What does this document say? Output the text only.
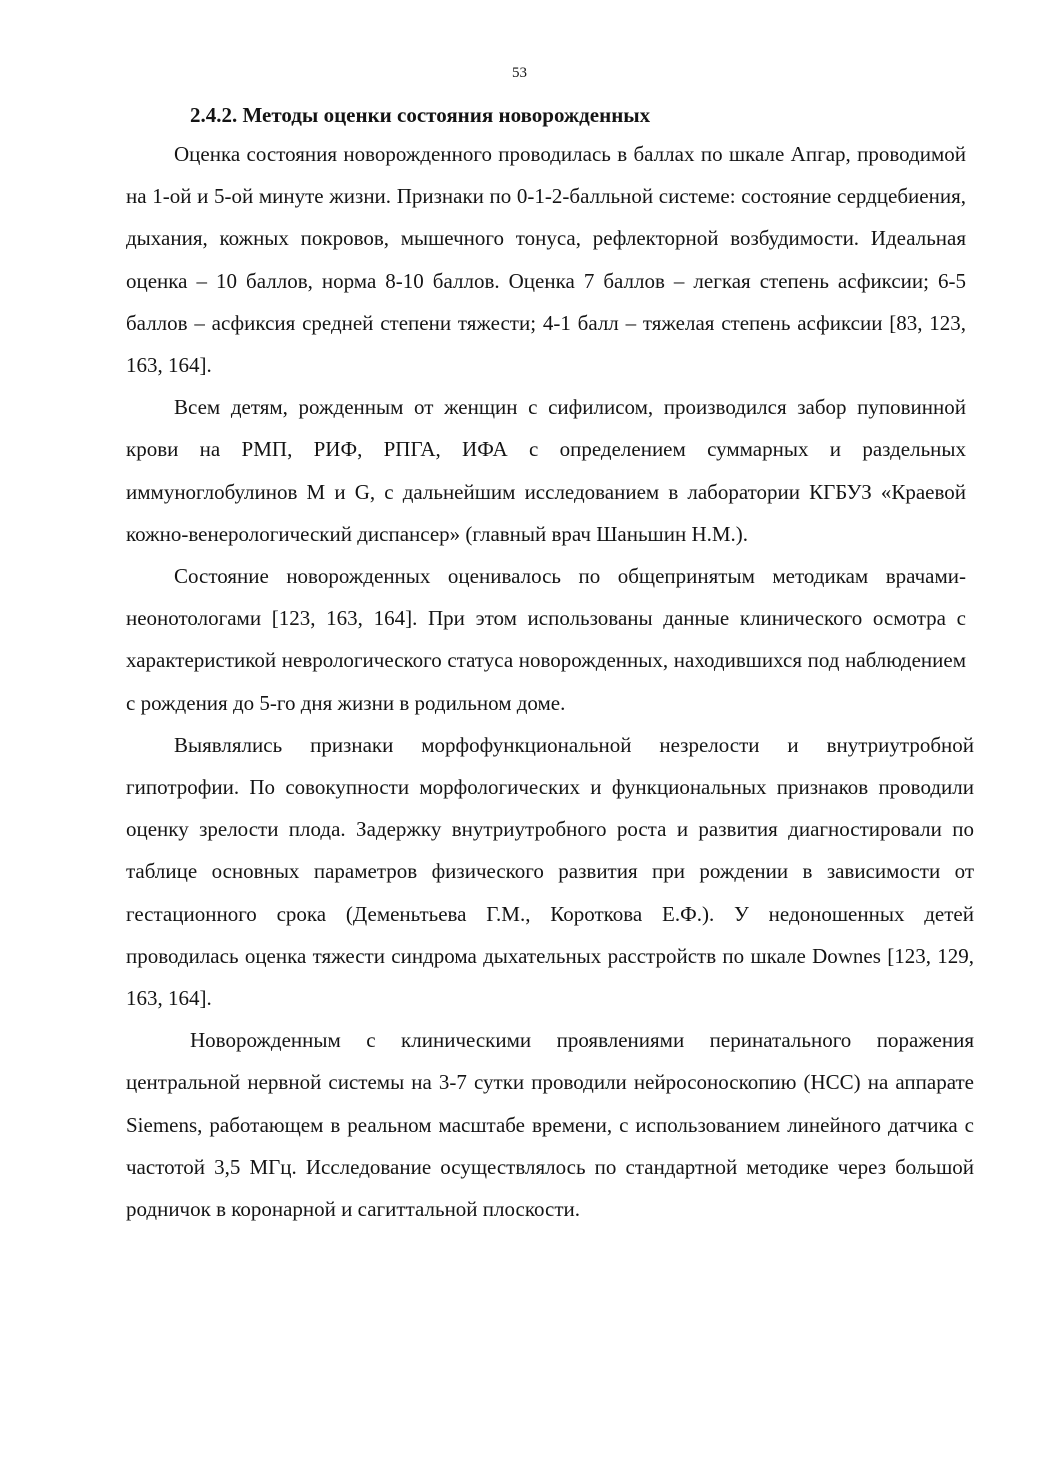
53
2.4.2. Методы оценки состояния новорожденных

Оценка состояния новорожденного проводилась в баллах по шкале Апгар, проводимой на 1-ой и 5-ой минуте жизни. Признаки по 0-1-2-балльной системе: состояние сердцебиения, дыхания, кожных покровов, мышечного тонуса, рефлекторной возбудимости. Идеальная оценка – 10 баллов, норма 8-10 баллов. Оценка 7 баллов – легкая степень асфиксии; 6-5 баллов – асфиксия средней степени тяжести; 4-1 балл – тяжелая степень асфиксии [83, 123, 163, 164].

Всем детям, рожденным от женщин с сифилисом, производился забор пуповинной крови на РМП, РИФ, РПГА, ИФА с определением суммарных и раздельных иммуноглобулинов М и G, с дальнейшим исследованием в лаборатории КГБУЗ «Краевой кожно-венерологический диспансер» (главный врач Шаньшин Н.М.).

Состояние новорожденных оценивалось по общепринятым методикам врачами-неонотологами [123, 163, 164]. При этом использованы данные клинического осмотра с характеристикой неврологического статуса новорожденных, находившихся под наблюдением с рождения до 5-го дня жизни в родильном доме.

Выявлялись признаки морфофункциональной незрелости и внутриутробной гипотрофии. По совокупности морфологических и функциональных признаков проводили оценку зрелости плода. Задержку внутриутробного роста и развития диагностировали по таблице основных параметров физического развития при рождении в зависимости от гестационного срока (Деменьтьева Г.М., Короткова Е.Ф.). У недоношенных детей проводилась оценка тяжести синдрома дыхательных расстройств по шкале Downes [123, 129, 163, 164].

Новорожденным с клиническими проявлениями перинатального поражения центральной нервной системы на 3-7 сутки проводили нейросоноскопию (НСС) на аппарате Siemens, работающем в реальном масштабе времени, с использованием линейного датчика с частотой 3,5 МГц. Исследование осуществлялось по стандартной методике через большой родничок в коронарной и сагиттальной плоскости.
